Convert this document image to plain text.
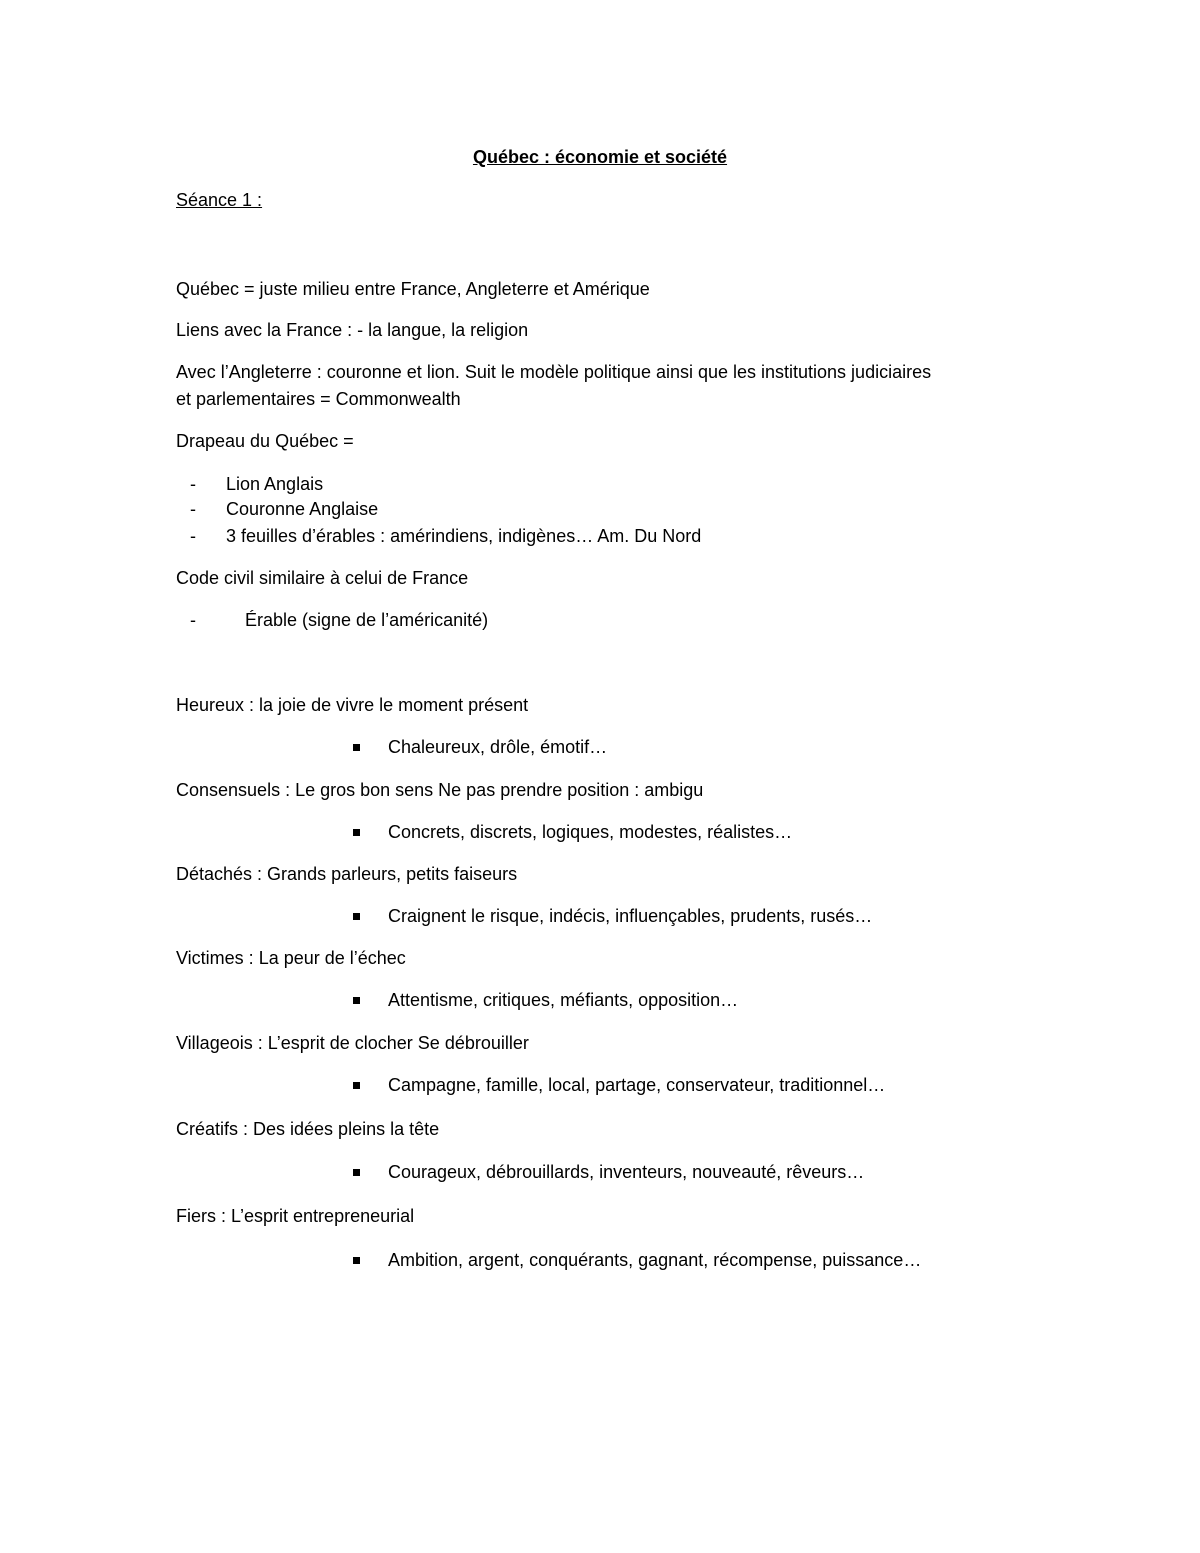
Québec : économie et société
Séance 1 :
Québec = juste milieu entre France, Angleterre et Amérique
Liens avec la France : - la langue, la religion
Avec l’Angleterre : couronne et lion. Suit le modèle politique ainsi que les institutions judiciaires
et parlementaires = Commonwealth
Drapeau du Québec =
- Lion Anglais
- Couronne Anglaise
- 3 feuilles d’érables : amérindiens, indigènes… Am. Du Nord
Code civil similaire à celui de France
-	Érable (signe de l’américanité)
Heureux : la joie de vivre le moment présent
Chaleureux, drôle, émotif…
Consensuels : Le gros bon sens Ne pas prendre position : ambigu
Concrets, discrets, logiques, modestes, réalistes…
Détachés : Grands parleurs, petits faiseurs
Craignent le risque, indécis, influençables, prudents, rusés…
Victimes : La peur de l’échec
Attentisme, critiques, méfiants, opposition…
Villageois : L’esprit de clocher Se débrouiller
Campagne, famille, local, partage, conservateur, traditionnel…
Créatifs : Des idées pleins la tête
Courageux, débrouillards, inventeurs, nouveauté, rêveurs…
Fiers : L’esprit entrepreneurial
Ambition, argent, conquérants, gagnant, récompense, puissance…
